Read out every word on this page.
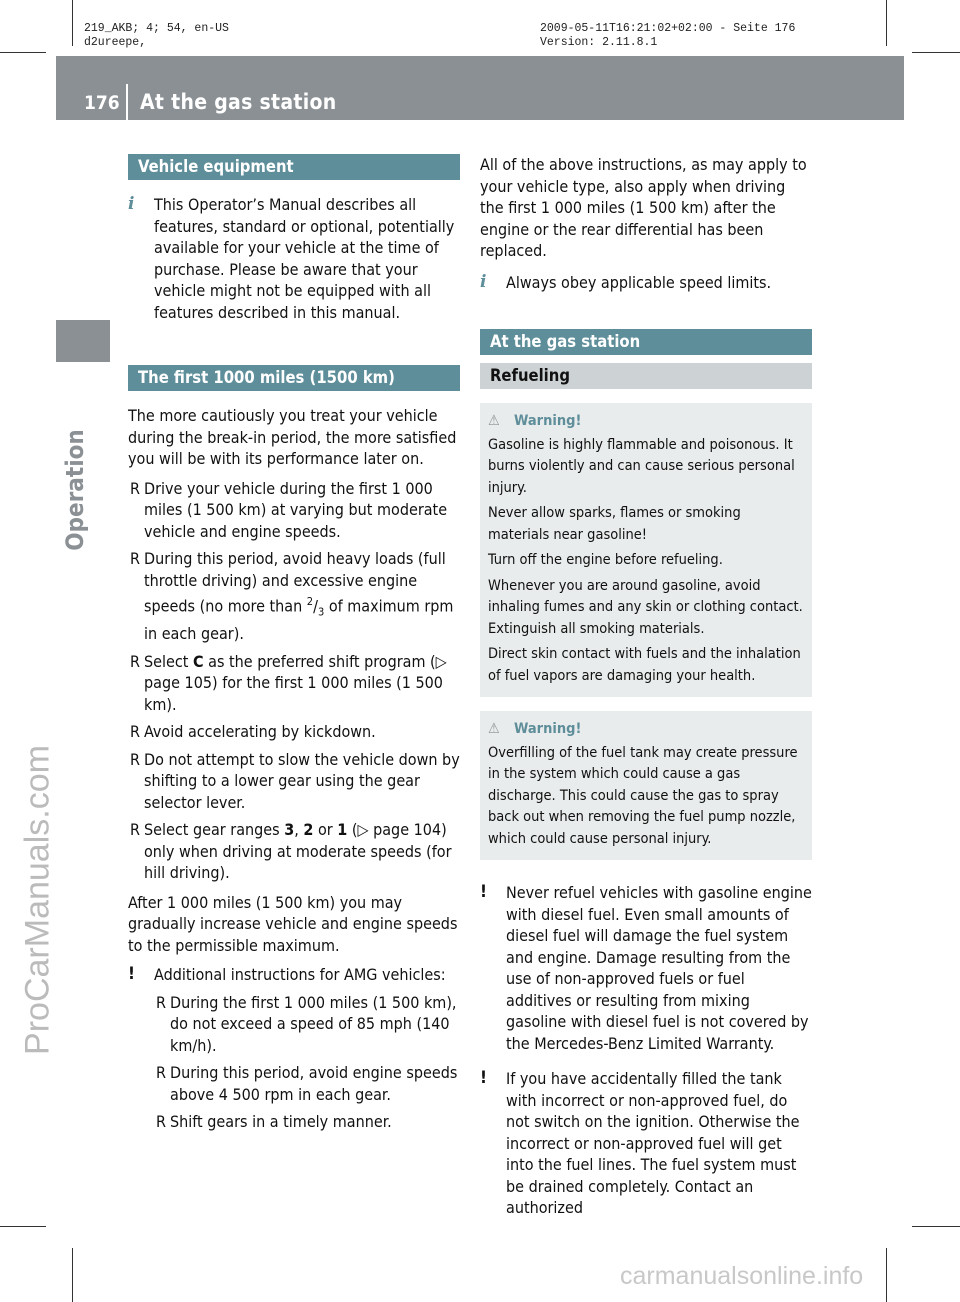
219_AKB; 4; 54, en-US
d2ureepe,
2009-05-11T16:21:02+02:00 - Seite 176
Version: 2.11.8.1
176 At the gas station
Operation
ProCarManuals.com
carmanualsonline.info
Vehicle equipment
i This Operator’s Manual describes all features, standard or optional, potentially available for your vehicle at the time of purchase. Please be aware that your vehicle might not be equipped with all features described in this manual.
The first 1000 miles (1500 km)

The more cautiously you treat your vehicle during the break-in period, the more satisfied you will be with its performance later on.

R Drive your vehicle during the first 1 000 miles (1 500 km) at varying but moderate vehicle and engine speeds.
R During this period, avoid heavy loads (full throttle driving) and excessive engine speeds (no more than $^2/_3$ of maximum rpm in each gear).
R Select C as the preferred shift program (▷ page 105) for the first 1 000 miles (1 500 km).
R Avoid accelerating by kickdown.
R Do not attempt to slow the vehicle down by shifting to a lower gear using the gear selector lever.
R Select gear ranges 3, 2 or 1 (▷ page 104) only when driving at moderate speeds (for hill driving).

After 1 000 miles (1 500 km) you may gradually increase vehicle and engine speeds to the permissible maximum.

! Additional instructions for AMG vehicles:
R During the first 1 000 miles (1 500 km), do not exceed a speed of 85 mph (140 km/h).
R During this period, avoid engine speeds above 4 500 rpm in each gear.
R Shift gears in a timely manner.

All of the above instructions, as may apply to your vehicle type, also apply when driving the first 1 000 miles (1 500 km) after the engine or the rear differential has been replaced.

i Always obey applicable speed limits.
At the gas station
Refueling
⚠ Warning!

Gasoline is highly flammable and poisonous. It burns violently and can cause serious personal injury.

Never allow sparks, flames or smoking materials near gasoline!

Turn off the engine before refueling.

Whenever you are around gasoline, avoid inhaling fumes and any skin or clothing contact. Extinguish all smoking materials.

Direct skin contact with fuels and the inhalation of fuel vapors are damaging your health.

⚠ Warning!

Overfilling of the fuel tank may create pressure in the system which could cause a gas discharge. This could cause the gas to spray back out when removing the fuel pump nozzle, which could cause personal injury.

! Never refuel vehicles with gasoline engine with diesel fuel. Even small amounts of diesel fuel will damage the fuel system and engine. Damage resulting from the use of non-approved fuels or fuel additives or resulting from mixing gasoline with diesel fuel is not covered by the Mercedes-Benz Limited Warranty.
! If you have accidentally filled the tank with incorrect or non-approved fuel, do not switch on the ignition. Otherwise the incorrect or non-approved fuel will get into the fuel lines. The fuel system must be drained completely. Contact an authorized
